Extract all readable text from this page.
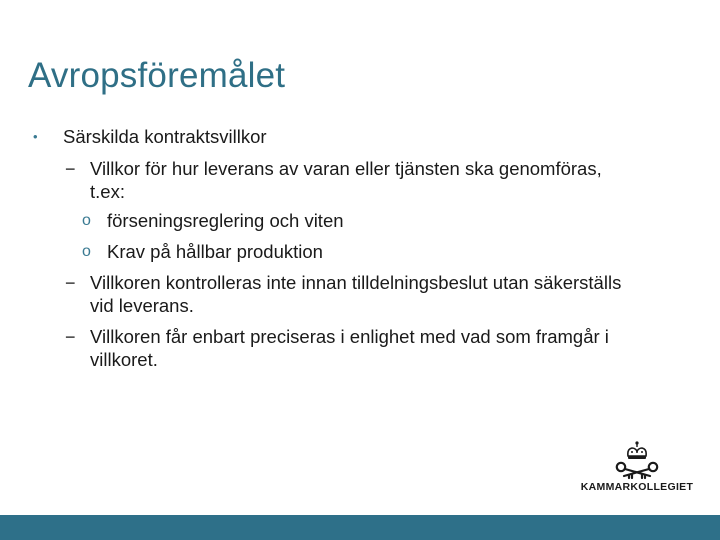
Avropsföremålet
• Särskilda kontraktsvillkor
− Villkor för hur leverans av varan eller tjänsten ska genomföras,
t.ex:
o förseningsreglering och viten
o Krav på hållbar produktion
− Villkoren kontrolleras inte innan tilldelningsbeslut utan säkerställs
vid leverans.
− Villkoren får enbart preciseras i enlighet med vad som framgår i
villkoret.
KAMMARKOLLEGIET
